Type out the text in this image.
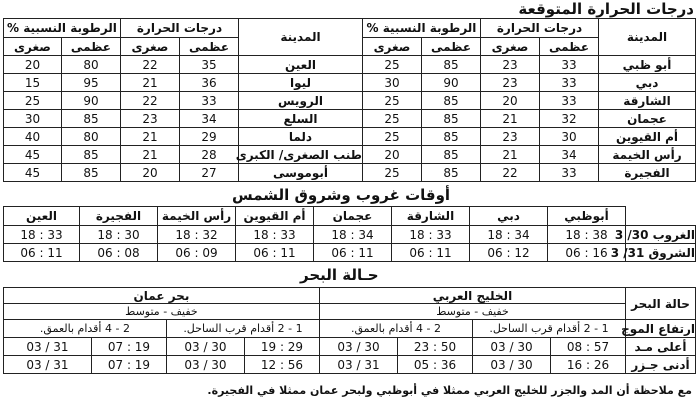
درجات الحرارة المتوقعة
المدينة	درجات الحرارة		الرطوبة النسبية %		المدينة	درجات الحرارة		الرطوبة النسبية %	
	عظمى	صغرى	عظمى	صغرى		عظمى	صغرى	عظمى	صغرى
أبو ظبي	33	23	85	25	العين	35	22	80	20
دبي	33	23	90	30	ليوا	36	21	95	15
الشارقة	33	20	85	25	الرويس	33	22	90	25
عجمان	32	21	85	25	السلع	34	23	85	30
أم القيوين	30	23	85	25	دلما	29	21	80	40
رأس الخيمة	34	21	85	20	طنب الصغرى/ الكبرى	28	21	85	45
الفجيرة	33	22	85	25	أبوموسى	27	20	85	45
أوقات غروب وشروق الشمس
	أبوظبي	دبي	الشارقة	عجمان	أم القيوين	رأس الخيمة	الفجيرة	العين
الغروب 30/ 3	18 : 38	18 : 34	18 : 33	18 : 34	18 : 33	18 : 32	18 : 30	18 : 33
الشروق 31/ 3	06 : 16	06 : 12	06 : 11	06 : 11	06 : 11	06 : 09	06 : 08	06 : 11
حـالة البحر
حالة البحر	الخليج العربي				بحر عمان			
	خفيف - متوسط				خفيف - متوسط			
ارتفاع الموج	1 - 2 أقدام قرب الساحل.		2 - 4 أقدام بالعمق.		1 - 2 أقدام قرب الساحل.		2 - 4 أقدام بالعمق.	
أعلى مـد	08 : 57	03 / 30	23 : 50	03 / 30	19 : 29	03 / 30	07 : 19	03 / 31
أدنى جـزر	16 : 26	03 / 30	05 : 36	03 / 31	12 : 56	03 / 30	07 : 19	03 / 31
مع ملاحظة أن المد والجزر للخليج العربي ممثلا في أبوظبي ولبحر عمان ممثلا في الفجيرة.
